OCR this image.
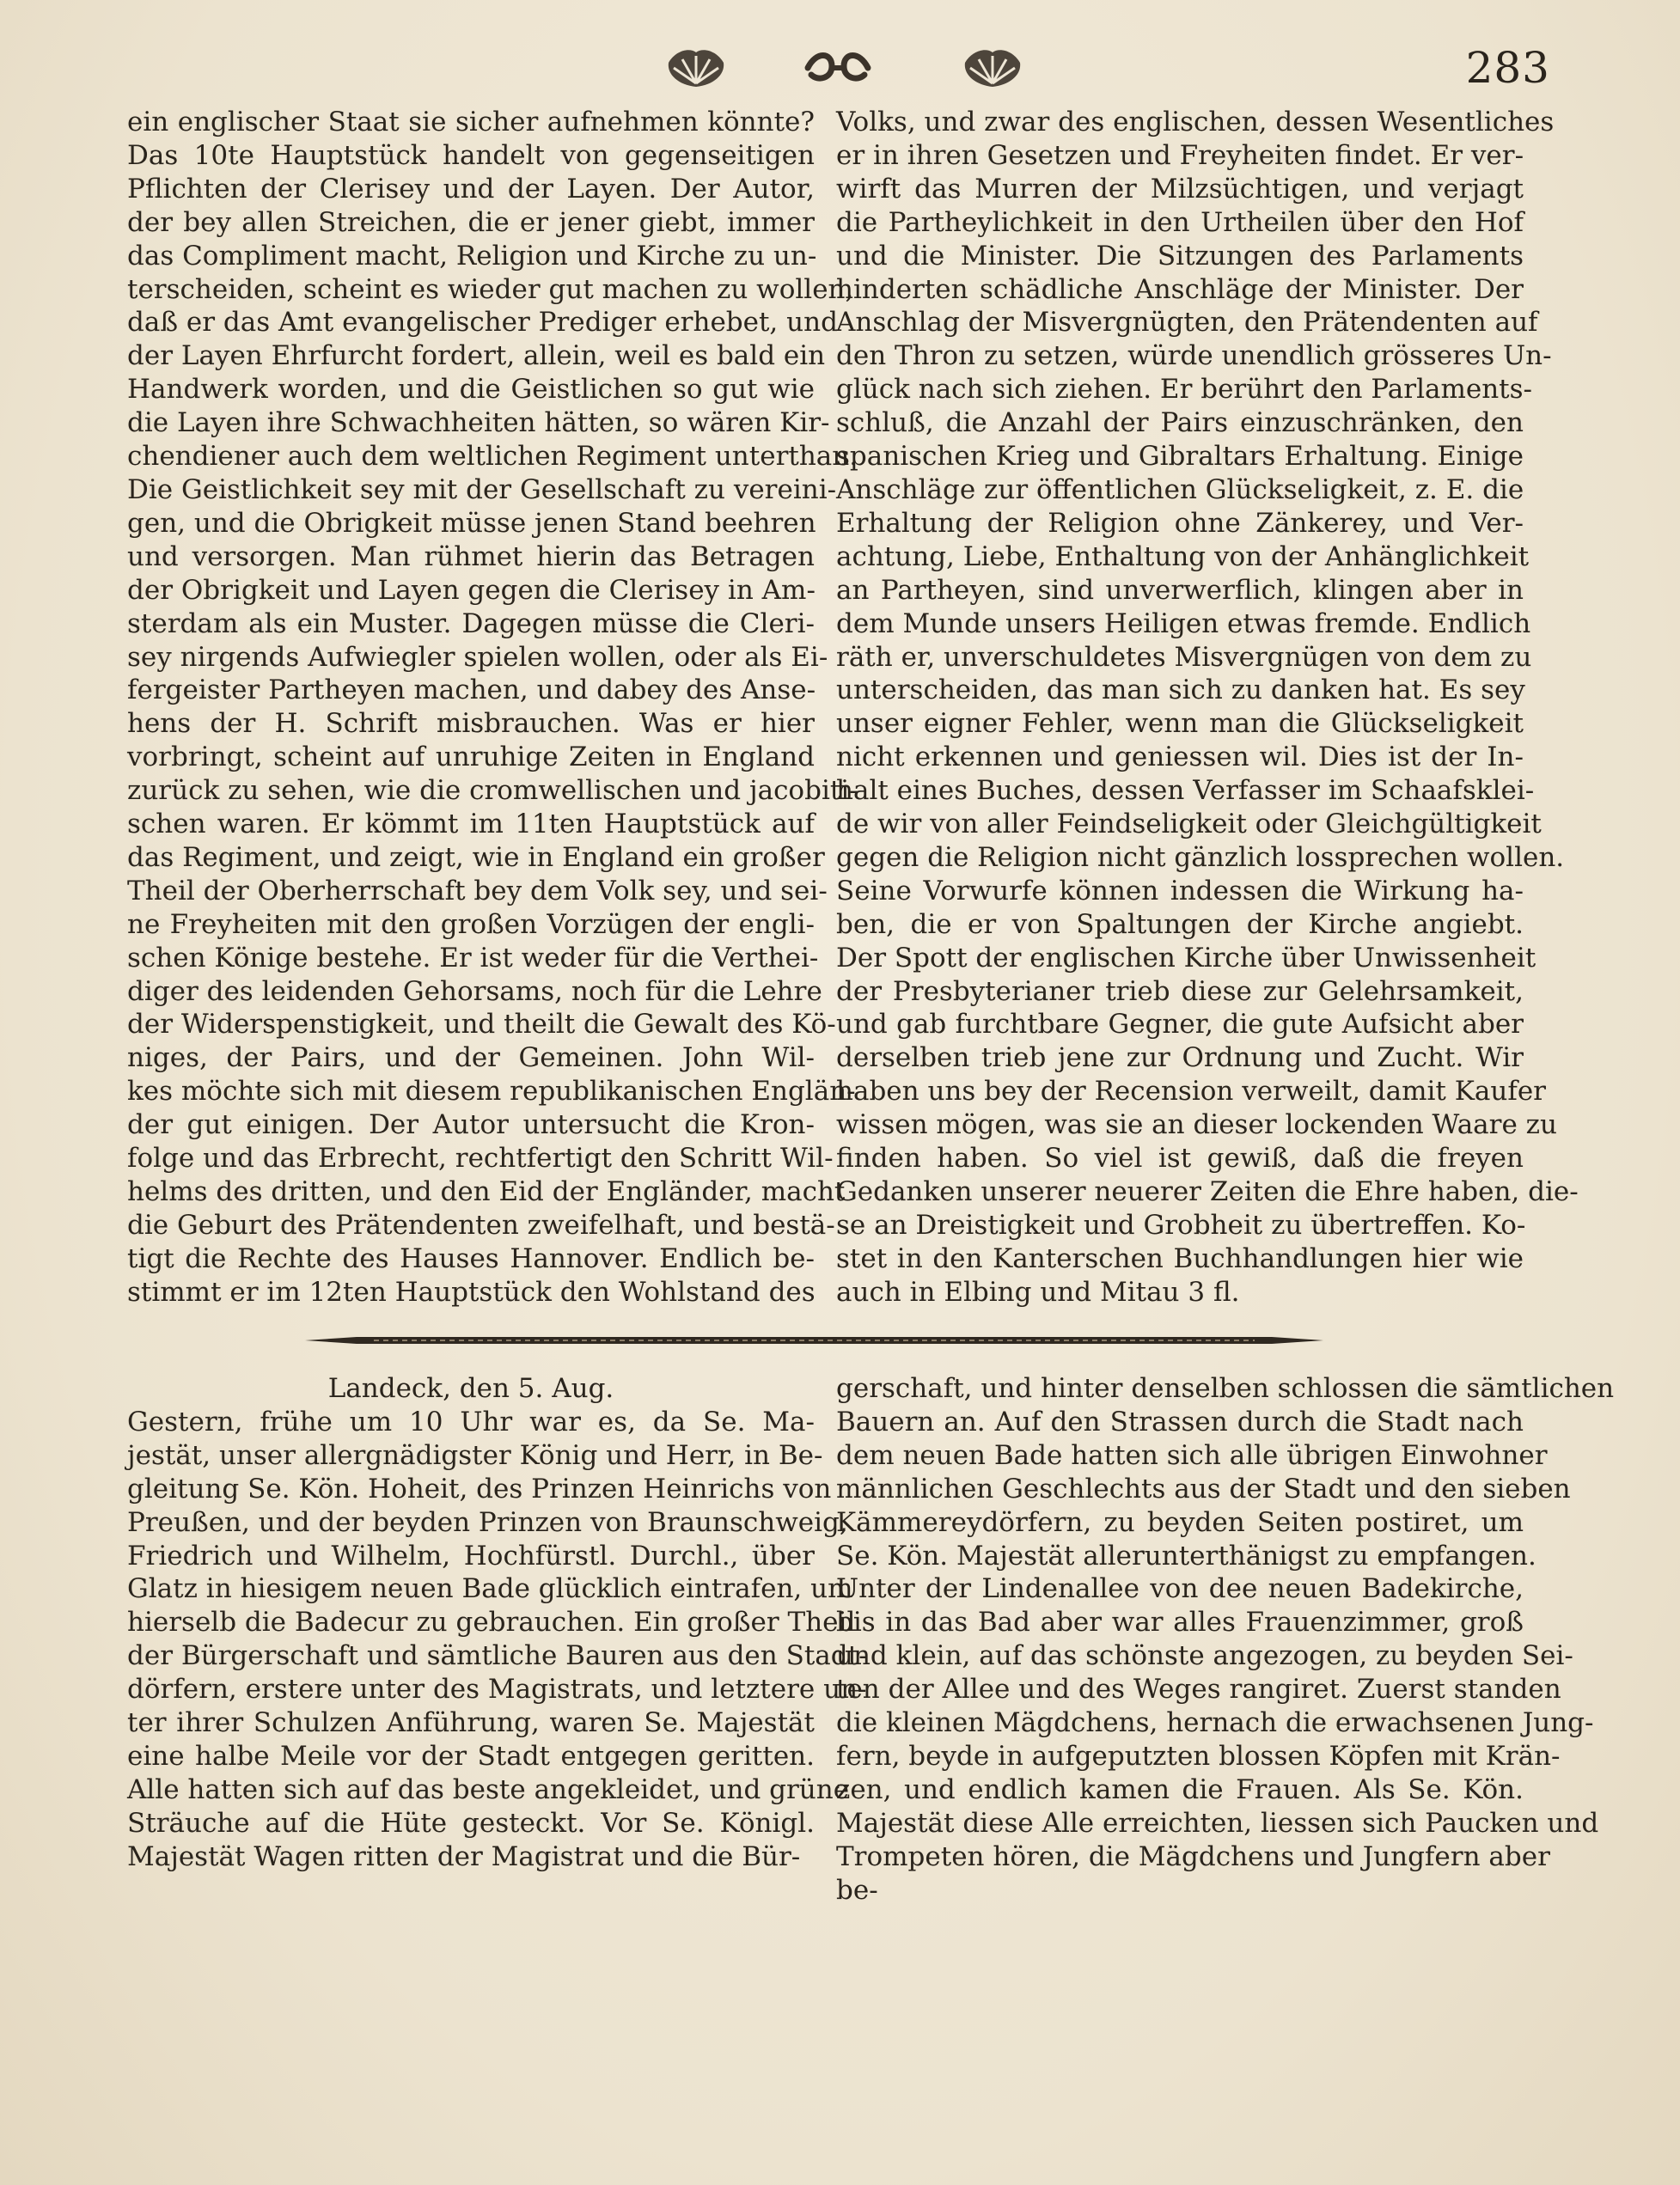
283
ein englischer Staat sie sicher aufnehmen könnte?
Das 10te Hauptstück handelt von gegenseitigen
Pflichten der Clerisey und der Layen. Der Autor,
der bey allen Streichen, die er jener giebt, immer
das Compliment macht, Religion und Kirche zu un-
terscheiden, scheint es wieder gut machen zu wollen,
daß er das Amt evangelischer Prediger erhebet, und
der Layen Ehrfurcht fordert, allein, weil es bald ein
Handwerk worden, und die Geistlichen so gut wie
die Layen ihre Schwachheiten hätten, so wären Kir-
chendiener auch dem weltlichen Regiment unterthan.
Die Geistlichkeit sey mit der Gesellschaft zu vereini-
gen, und die Obrigkeit müsse jenen Stand beehren
und versorgen. Man rühmet hierin das Betragen
der Obrigkeit und Layen gegen die Clerisey in Am-
sterdam als ein Muster. Dagegen müsse die Cleri-
sey nirgends Aufwiegler spielen wollen, oder als Ei-
fergeister Partheyen machen, und dabey des Anse-
hens der H. Schrift misbrauchen. Was er hier
vorbringt, scheint auf unruhige Zeiten in England
zurück zu sehen, wie die cromwellischen und jacobiti-
schen waren. Er kömmt im 11ten Hauptstück auf
das Regiment, und zeigt, wie in England ein großer
Theil der Oberherrschaft bey dem Volk sey, und sei-
ne Freyheiten mit den großen Vorzügen der engli-
schen Könige bestehe. Er ist weder für die Verthei-
diger des leidenden Gehorsams, noch für die Lehre
der Widerspenstigkeit, und theilt die Gewalt des Kö-
niges, der Pairs, und der Gemeinen. John Wil-
kes möchte sich mit diesem republikanischen Englän-
der gut einigen. Der Autor untersucht die Kron-
folge und das Erbrecht, rechtfertigt den Schritt Wil-
helms des dritten, und den Eid der Engländer, macht
die Geburt des Prätendenten zweifelhaft, und bestä-
tigt die Rechte des Hauses Hannover. Endlich be-
stimmt er im 12ten Hauptstück den Wohlstand des
Volks, und zwar des englischen, dessen Wesentliches
er in ihren Gesetzen und Freyheiten findet. Er ver-
wirft das Murren der Milzsüchtigen, und verjagt
die Partheylichkeit in den Urtheilen über den Hof
und die Minister. Die Sitzungen des Parlaments
hinderten schädliche Anschläge der Minister. Der
Anschlag der Misvergnügten, den Prätendenten auf
den Thron zu setzen, würde unendlich grösseres Un-
glück nach sich ziehen. Er berührt den Parlaments-
schluß, die Anzahl der Pairs einzuschränken, den
spanischen Krieg und Gibraltars Erhaltung. Einige
Anschläge zur öffentlichen Glückseligkeit, z. E. die
Erhaltung der Religion ohne Zänkerey, und Ver-
achtung, Liebe, Enthaltung von der Anhänglichkeit
an Partheyen, sind unverwerflich, klingen aber in
dem Munde unsers Heiligen etwas fremde. Endlich
räth er, unverschuldetes Misvergnügen von dem zu
unterscheiden, das man sich zu danken hat. Es sey
unser eigner Fehler, wenn man die Glückseligkeit
nicht erkennen und geniessen wil. Dies ist der In-
halt eines Buches, dessen Verfasser im Schaafsklei-
de wir von aller Feindseligkeit oder Gleichgültigkeit
gegen die Religion nicht gänzlich lossprechen wollen.
Seine Vorwurfe können indessen die Wirkung ha-
ben, die er von Spaltungen der Kirche angiebt.
Der Spott der englischen Kirche über Unwissenheit
der Presbyterianer trieb diese zur Gelehrsamkeit,
und gab furchtbare Gegner, die gute Aufsicht aber
derselben trieb jene zur Ordnung und Zucht. Wir
haben uns bey der Recension verweilt, damit Kaufer
wissen mögen, was sie an dieser lockenden Waare zu
finden haben. So viel ist gewiß, daß die freyen
Gedanken unserer neuerer Zeiten die Ehre haben, die-
se an Dreistigkeit und Grobheit zu übertreffen. Ko-
stet in den Kanterschen Buchhandlungen hier wie
auch in Elbing und Mitau 3 fl.
Landeck, den 5. Aug.
Gestern, frühe um 10 Uhr war es, da Se. Ma-
jestät, unser allergnädigster König und Herr, in Be-
gleitung Se. Kön. Hoheit, des Prinzen Heinrichs von
Preußen, und der beyden Prinzen von Braunschweig,
Friedrich und Wilhelm, Hochfürstl. Durchl., über
Glatz in hiesigem neuen Bade glücklich eintrafen, um
hierselb die Badecur zu gebrauchen. Ein großer Theil
der Bürgerschaft und sämtliche Bauren aus den Stadt-
dörfern, erstere unter des Magistrats, und letztere un-
ter ihrer Schulzen Anführung, waren Se. Majestät
eine halbe Meile vor der Stadt entgegen geritten.
Alle hatten sich auf das beste angekleidet, und grüne
Sträuche auf die Hüte gesteckt. Vor Se. Königl.
Majestät Wagen ritten der Magistrat und die Bür-
gerschaft, und hinter denselben schlossen die sämtlichen
Bauern an. Auf den Strassen durch die Stadt nach
dem neuen Bade hatten sich alle übrigen Einwohner
männlichen Geschlechts aus der Stadt und den sieben
Kämmereydörfern, zu beyden Seiten postiret, um
Se. Kön. Majestät allerunterthänigst zu empfangen.
Unter der Lindenallee von dee neuen Badekirche,
bis in das Bad aber war alles Frauenzimmer, groß
und klein, auf das schönste angezogen, zu beyden Sei-
ten der Allee und des Weges rangiret. Zuerst standen
die kleinen Mägdchens, hernach die erwachsenen Jung-
fern, beyde in aufgeputzten blossen Köpfen mit Krän-
zen, und endlich kamen die Frauen. Als Se. Kön.
Majestät diese Alle erreichten, liessen sich Paucken und
Trompeten hören, die Mägdchens und Jungfern aber
be-
